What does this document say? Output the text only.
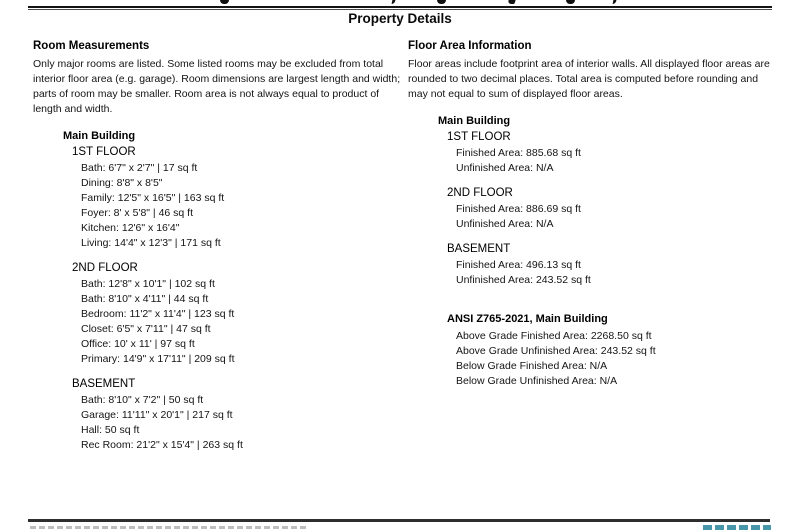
Property Details
Room Measurements

Only major rooms are listed. Some listed rooms may be excluded from total interior floor area (e.g. garage). Room dimensions are largest length and width; parts of room may be smaller. Room area is not always equal to product of length and width.

Main Building
1ST FLOOR
Bath: 6'7" x 2'7" | 17 sq ft
Dining: 8'8" x 8'5"
Family: 12'5" x 16'5" | 163 sq ft
Foyer: 8' x 5'8" | 46 sq ft
Kitchen: 12'6" x 16'4"
Living: 14'4" x 12'3" | 171 sq ft
2ND FLOOR
Bath: 12'8" x 10'1" | 102 sq ft
Bath: 8'10" x 4'11" | 44 sq ft
Bedroom: 11'2" x 11'4" | 123 sq ft
Closet: 6'5" x 7'11" | 47 sq ft
Office: 10' x 11' | 97 sq ft
Primary: 14'9" x 17'11" | 209 sq ft
BASEMENT
Bath: 8'10" x 7'2" | 50 sq ft
Garage: 11'11" x 20'1" | 217 sq ft
Hall: 50 sq ft
Rec Room: 21'2" x 15'4" | 263 sq ft
Floor Area Information

Floor areas include footprint area of interior walls. All displayed floor areas are rounded to two decimal places. Total area is computed before rounding and may not equal to sum of displayed floor areas.

Main Building
1ST FLOOR
Finished Area: 885.68 sq ft
Unfinished Area: N/A
2ND FLOOR
Finished Area: 886.69 sq ft
Unfinished Area: N/A
BASEMENT
Finished Area: 496.13 sq ft
Unfinished Area: 243.52 sq ft
ANSI Z765-2021, Main Building
Above Grade Finished Area: 2268.50 sq ft
Above Grade Unfinished Area: 243.52 sq ft
Below Grade Finished Area: N/A
Below Grade Unfinished Area: N/A
